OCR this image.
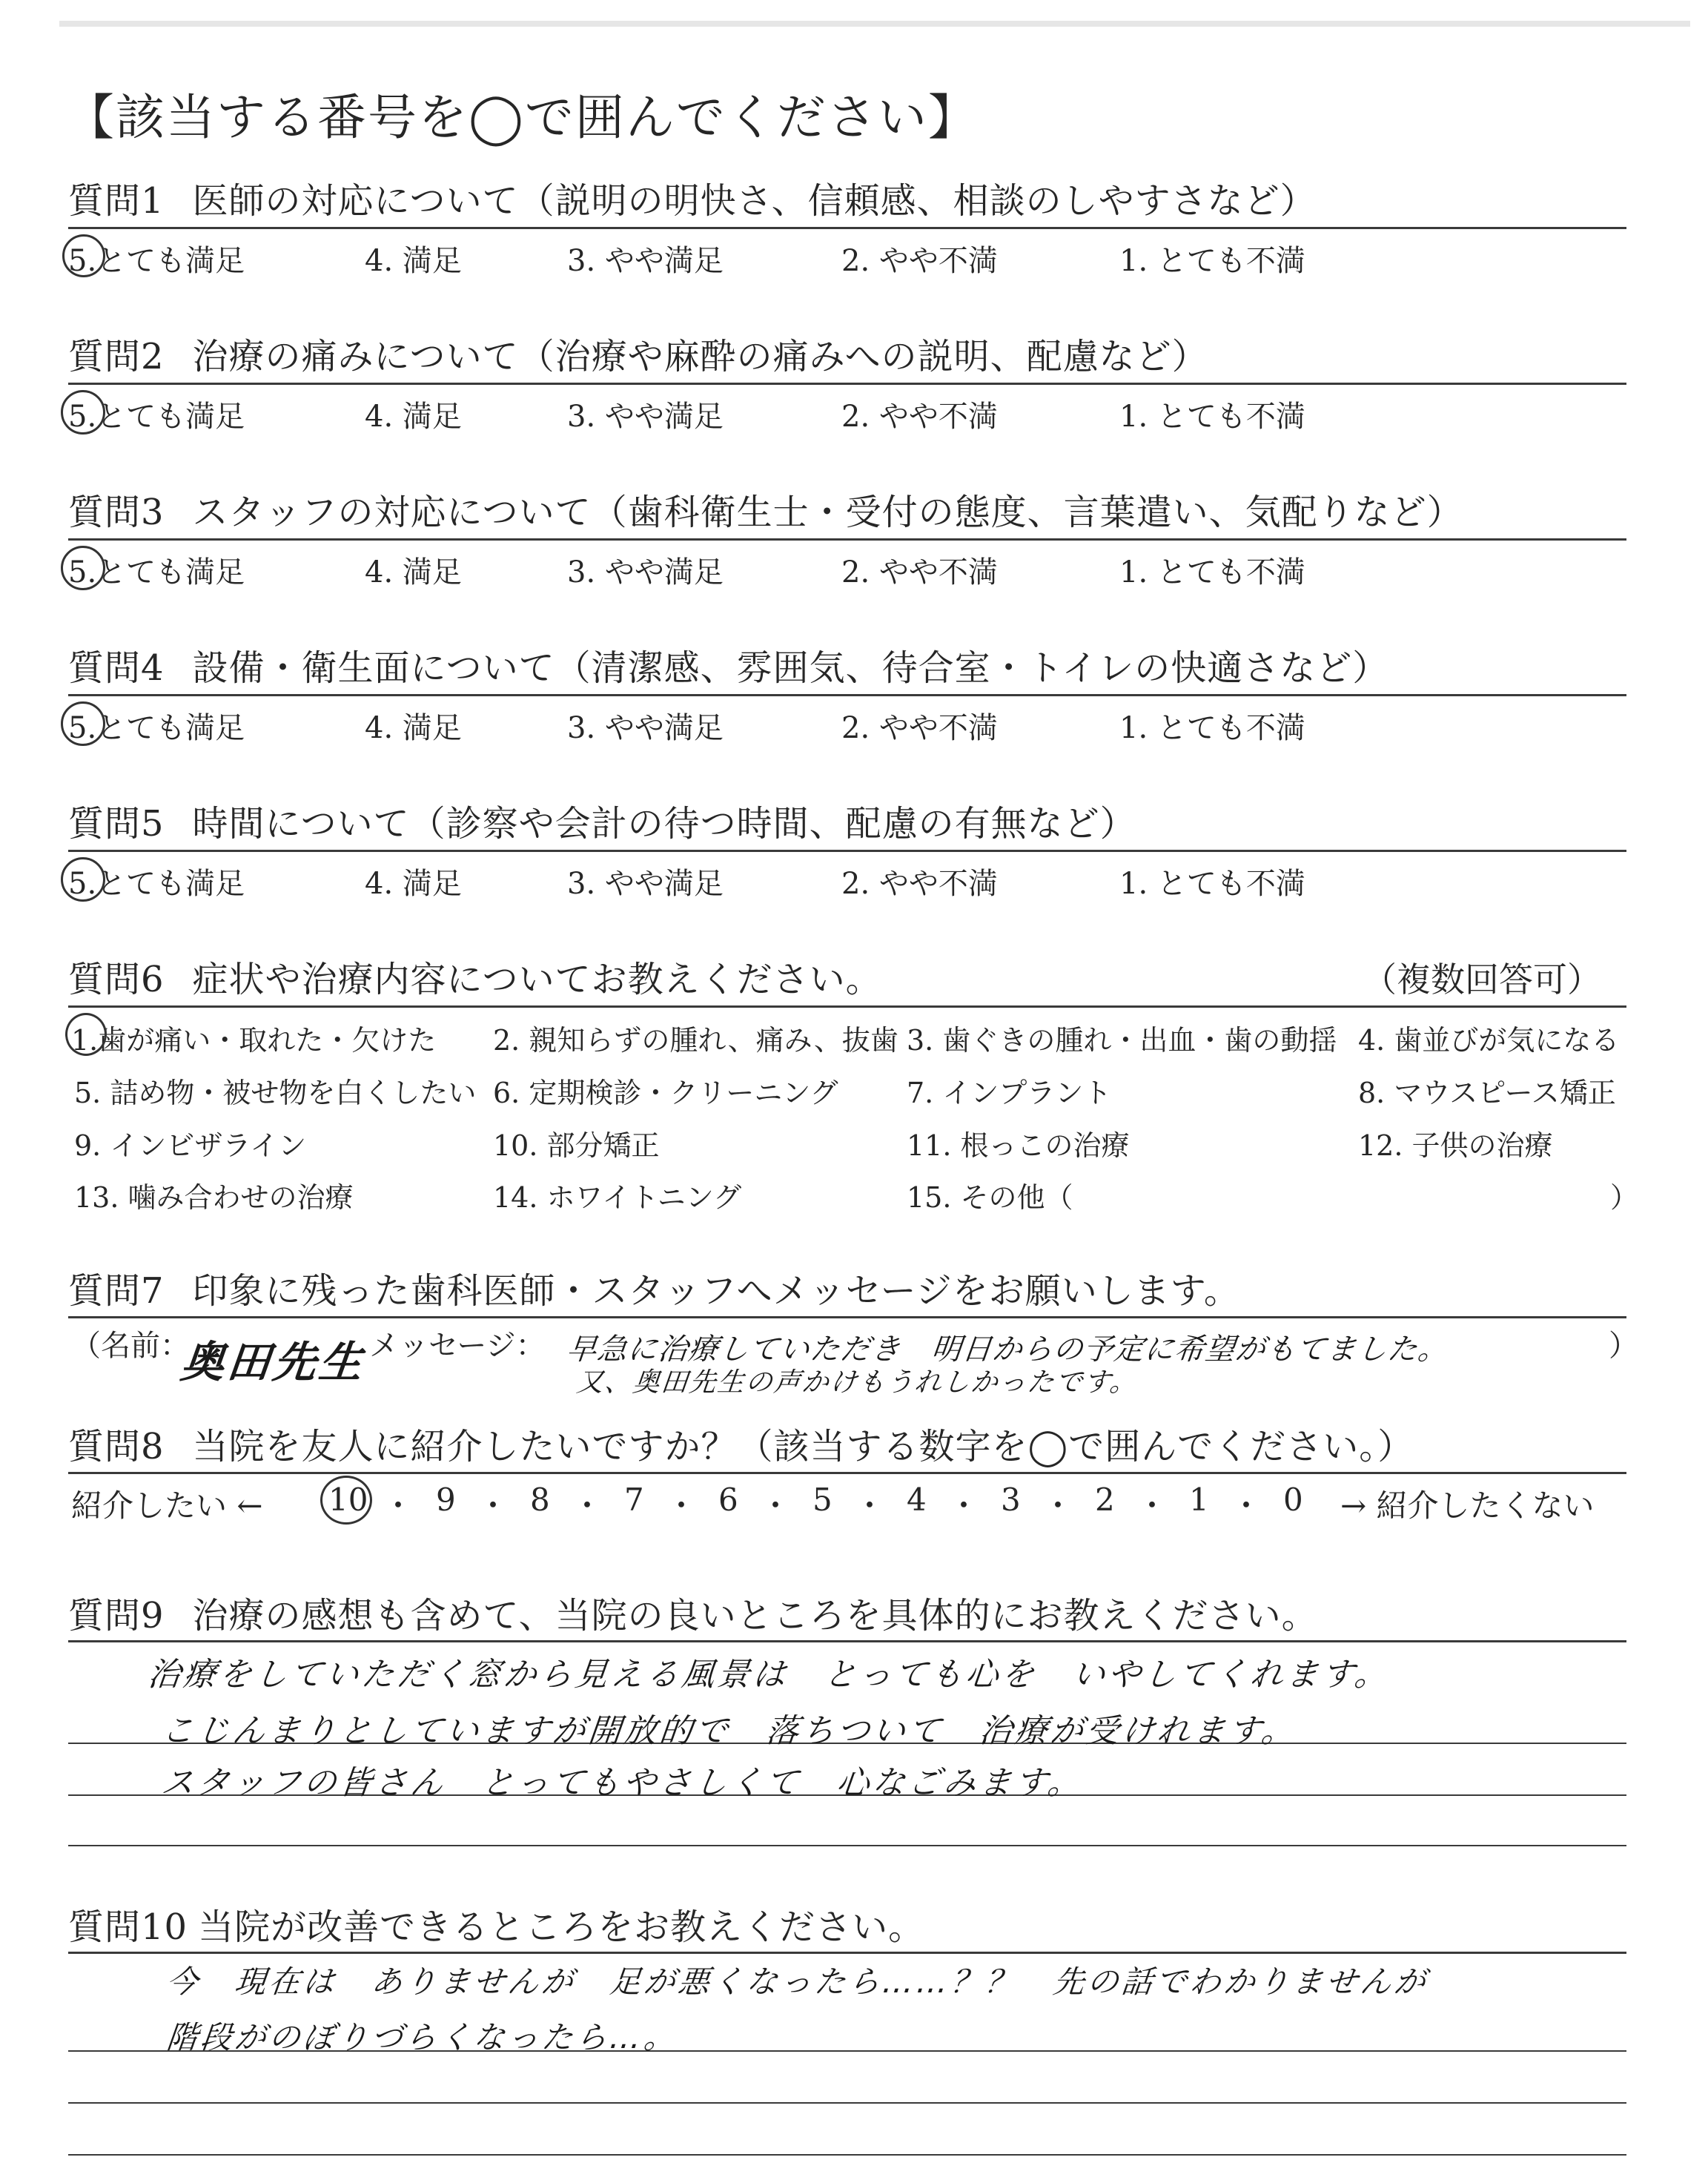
【該当する番号を◯で囲んでください】
質問1 医師の対応について（説明の明快さ、信頼感、相談のしやすさなど）
5.とても満足	4. 満足	3. やや満足	2. やや不満	1. とても不満
質問2 治療の痛みについて（治療や麻酔の痛みへの説明、配慮など）
5.とても満足	4. 満足	3. やや満足	2. やや不満	1. とても不満
質問3 スタッフの対応について（歯科衛生士・受付の態度、言葉遣い、気配りなど）
5.とても満足	4. 満足	3. やや満足	2. やや不満	1. とても不満
質問4 設備・衛生面について（清潔感、雰囲気、待合室・トイレの快適さなど）
5.とても満足	4. 満足	3. やや満足	2. やや不満	1. とても不満
質問5 時間について（診察や会計の待つ時間、配慮の有無など）
5.とても満足	4. 満足	3. やや満足	2. やや不満	1. とても不満
質問6 症状や治療内容についてお教えください。	（複数回答可）
1.歯が痛い・取れた・欠けた 2. 親知らずの腫れ、痛み、抜歯 3. 歯ぐきの腫れ・出血・歯の動揺 4. 歯並びが気になる
5. 詰め物・被せ物を白くしたい 6. 定期検診・クリーニング 7. インプラント	8. マウスピース矯正
9. インビザライン	10. 部分矯正	11. 根っこの治療	12. 子供の治療
13. 噛み合わせの治療	14. ホワイトニング	15. その他（	）
質問7 印象に残った歯科医師・スタッフへメッセージをお願いします。
（名前：
奥田先生 メッセージ： 早急に治療していただき　明日からの予定に希望がもてました。
又、奥田先生の声かけもうれしかったです。
）
質問8 当院を友人に紹介したいですか？（該当する数字を◯で囲んでください。）
紹介したい ←	→ 紹介したくない
10 ・ 9 ・ 8 ・ 7 ・ 6 ・ 5 ・ 4 ・ 3 ・ 2 ・ 1 ・ 0
質問9 治療の感想も含めて、当院の良いところを具体的にお教えください。
治療をしていただく窓から見える風景は　とっても心を　いやしてくれます。
こじんまりとしていますが開放的で　落ちついて　治療が受けれます。
スタッフの皆さん　とってもやさしくて　心なごみます。
質問10 当院が改善できるところをお教えください。
今　現在は　ありませんが　足が悪くなったら……？？　先の話でわかりませんが
階段がのぼりづらくなったら…。
